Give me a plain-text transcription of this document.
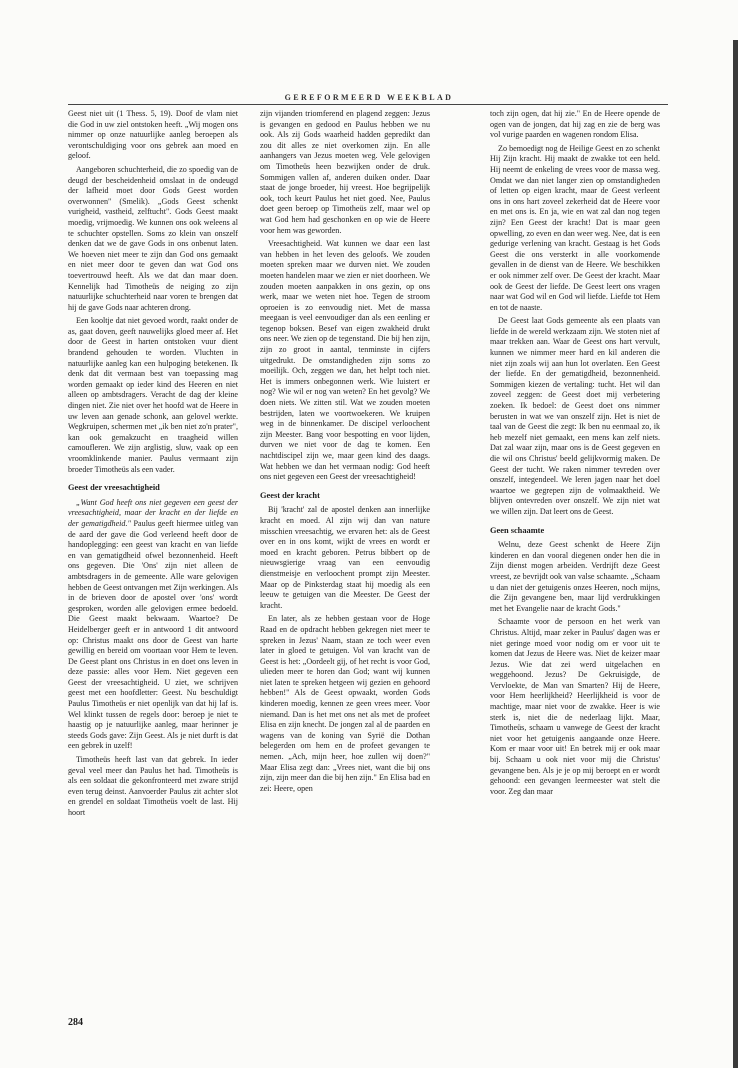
GEREFORMEERD WEEKBLAD

Geest niet uit (1 Thess. 5, 19). Doof de vlam niet die God in uw ziel ontstoken heeft. „Wij mogen ons nimmer op onze natuurlijke aanleg beroepen als verontschuldiging voor ons gebrek aan moed en geloof.

Aangeboren schuchterheid, die zo spoedig van de deugd der bescheidenheid omslaat in de ondeugd der lafheid moet door Gods Geest worden overwonnen" (Smelik). „Gods Geest schenkt vurigheid, vastheid, zelftucht". Gods Geest maakt moedig, vrijmoedig. We kunnen ons ook weleens al te schuchter opstellen. Soms zo klein van onszelf denken dat we de gave Gods in ons onbenut laten. We hoeven niet meer te zijn dan God ons gemaakt en niet meer door te geven dan wat God ons toevertrouwd heeft. Als we dat dan maar doen. Kennelijk had Timotheüs de neiging zo zijn natuurlijke schuchterheid naar voren te brengen dat hij de gave Gods naar achteren drong.

Een kooltje dat niet gevoed wordt, raakt onder de as, gaat doven, geeft nauwelijks gloed meer af. Het door de Geest in harten ontstoken vuur dient brandend gehouden te worden. Vluchten in natuurlijke aanleg kan een hulpoging betekenen. Ik denk dat dit vermaan best van toepassing mag worden gemaakt op ieder kind des Heeren en niet alleen op ambtsdragers. Veracht de dag der kleine dingen niet. Zie niet over het hoofd wat de Heere in uw leven aan genade schonk, aan gelovel werkte. Wegkruipen, schermen met „ik ben niet zo'n prater", kan ook gemakzucht en traagheid willen camoufleren. We zijn arglistig, sluw, vaak op een vroomklinkende manier. Paulus vermaant zijn broeder Timotheüs als een vader.

Geest der vreesachtigheid

„Want God heeft ons niet gegeven een geest der vreesachtigheid, maar der kracht en der liefde en der gematigdheid." Paulus geeft hiermee uitleg van de aard der gave die God verleend heeft door de handoplegging: een geest van kracht en van liefde en van gematigdheid ofwel bezonnenheid. Heeft ons gegeven. Die 'Ons' zijn niet alleen de ambtsdragers in de gemeente. Alle ware gelovigen hebben de Geest ontvangen met Zijn werkingen. Als in de brieven door de apostel over 'ons' wordt gesproken, worden alle gelovigen ermee bedoeld. Die Geest maakt bekwaam. Waartoe? De Heidelberger geeft er in antwoord 1 dit antwoord op: Christus maakt ons door de Geest van harte gewillig en bereid om voortaan voor Hem te leven. De Geest plant ons Christus in en doet ons leven in deze passie: alles voor Hem. Niet gegeven een Geest der vreesachtigheid. U ziet, we schrijven geest met een hoofdletter: Geest. Nu beschuldigt Paulus Timotheüs er niet openlijk van dat hij laf is. Wel klinkt tussen de regels door: beroep je niet te haastig op je natuurlijke aanleg, maar herinner je steeds Gods gave: Zijn Geest. Als je niet durft is dat een gebrek in uzelf!

Timotheüs heeft last van dat gebrek. In ieder geval veel meer dan Paulus het had. Timotheüs is als een soldaat die gekonfronteerd met zware strijd even terug deinst. Aanvoerder Paulus zit achter slot en grendel en soldaat Timotheüs voelt de last. Hij hoort

zijn vijanden triomferend en plagend zeggen: Jezus is gevangen en gedood en Paulus hebben we nu ook. Als zij Gods waarheid hadden gepredikt dan zou dit alles ze niet overkomen zijn. En alle aanhangers van Jezus moeten weg. Vele gelovigen om Timotheüs heen bezwijken onder de druk. Sommigen vallen af, anderen duiken onder. Daar staat de jonge broeder, hij vreest. Hoe begrijpelijk ook, toch keurt Paulus het niet goed. Nee, Paulus doet geen beroep op Timotheüs zelf, maar wel op wat God hem had geschonken en op wie de Heere voor hem was geworden.

Vreesachtigheid. Wat kunnen we daar een last van hebben in het leven des geloofs. We zouden moeten spreken maar we durven niet. We zouden moeten handelen maar we zien er niet doorheen. We zouden moeten aanpakken in ons gezin, op ons werk, maar we weten niet hoe. Tegen de stroom oproeien is zo eenvoudig niet. Met de massa meegaan is veel eenvoudiger dan als een eenling er tegenop boksen. Besef van eigen zwakheid drukt ons neer. We zien op de tegenstand. Die bij hen zijn, zijn zo groot in aantal, tenminste in cijfers uitgedrukt. De omstandigheden zijn soms zo moeilijk. Och, zeggen we dan, het helpt toch niet. Het is immers onbegonnen werk. Wie luistert er nog? Wie wil er nog van weten? En het gevolg? We doen niets. We zitten stil. Wat we zouden moeten bestrijden, laten we voortwoekeren. We kruipen weg in de binnenkamer. De discipel verloochent zijn Meester. Bang voor bespotting en voor lijden, durven we niet voor de dag te komen. Een nachtdiscipel zijn we, maar geen kind des daags. Wat hebben we dan het vermaan nodig: God heeft ons niet gegeven een Geest der vreesachtigheid!

Geest der kracht

Bij 'kracht' zal de apostel denken aan innerlijke kracht en moed. Al zijn wij dan van nature misschien vreesachtig, we ervaren het: als de Geest over en in ons komt, wijkt de vrees en wordt er moed en kracht geboren. Petrus bibbert op de nieuwsgierige vraag van een eenvoudig dienstmeisje en verloochent prompt zijn Meester. Maar op de Pinksterdag staat hij moedig als een leeuw te getuigen van die Meester. De Geest der kracht.

En later, als ze hebben gestaan voor de Hoge Raad en de opdracht hebben gekregen niet meer te spreken in Jezus' Naam, staan ze toch weer even later in gloed te getuigen. Vol van kracht van de Geest is het: „Oordeelt gij, of het recht is voor God, ulieden meer te horen dan God; want wij kunnen niet laten te spreken hetgeen wij gezien en gehoord hebben!" Als de Geest opwaakt, worden Gods kinderen moedig, kennen ze geen vrees meer. Voor niemand. Dan is het met ons net als met de profeet Elisa en zijn knecht. De jongen zal al de paarden en wagens van de koning van Syrië die Dothan belegerden om hem en de profeet gevangen te nemen. „Ach, mijn heer, hoe zullen wij doen?" Maar Elisa zegt dan: „Vrees niet, want die bij ons zijn, zijn meer dan die bij hen zijn." En Elisa bad en zei: Heere, open

toch zijn ogen, dat hij zie." En de Heere opende de ogen van de jongen, dat hij zag en zie de berg was vol vurige paarden en wagenen rondom Elisa.

Zo bemoedigt nog de Heilige Geest en zo schenkt Hij Zijn kracht. Hij maakt de zwakke tot een held. Hij neemt de enkeling de vrees voor de massa weg. Omdat we dan niet langer zien op omstandigheden of letten op eigen kracht, maar de Geest verleent ons in ons hart zoveel zekerheid dat de Heere voor en met ons is. En ja, wie en wat zal dan nog tegen zijn? Een Geest der kracht! Dat is maar geen opwelling, zo even en dan weer weg. Nee, dat is een gedurige verlening van kracht. Gestaag is het Gods Geest die ons versterkt in alle voorkomende gevallen in de dienst van de Heere. We beschikken er ook nimmer zelf over. De Geest der kracht. Maar ook de Geest der liefde. De Geest leert ons vragen naar wat God wil en God wil liefde. Liefde tot Hem en tot de naaste.

De Geest laat Gods gemeente als een plaats van liefde in de wereld werkzaam zijn. We stoten niet af maar trekken aan. Waar de Geest ons hart vervult, kunnen we nimmer meer hard en kil anderen die niet zijn zoals wij aan hun lot overlaten. Een Geest der liefde. En der gematigdheid, bezonnenheid. Sommigen kiezen de vertaling: tucht. Het wil dan zoveel zeggen: de Geest doet mij verbetering zoeken. Ik bedoel: de Geest doet ons nimmer berusten in wat we van onszelf zijn. Het is niet de taal van de Geest die zegt: Ik ben nu eenmaal zo, ik heb mezelf niet gemaakt, een mens kan zelf niets. Dat zal waar zijn, maar ons is de Geest gegeven en die wil ons Christus' beeld gelijkvormig maken. De Geest der tucht. We raken nimmer tevreden over onszelf, integendeel. We leren jagen naar het doel waartoe we gegrepen zijn de volmaaktheid. We blijven ontevreden over onszelf. We zijn niet wat we willen zijn. Dat leert ons de Geest.

Geen schaamte

Welnu, deze Geest schenkt de Heere Zijn kinderen en dan vooral diegenen onder hen die in Zijn dienst mogen arbeiden. Verdrijft deze Geest vreest, ze bevrijdt ook van valse schaamte. „Schaam u dan niet der getuigenis onzes Heeren, noch mijns, die Zijn gevangene ben, maar lijd verdrukkingen met het Evangelie naar de kracht Gods."

Schaamte voor de persoon en het werk van Christus. Altijd, maar zeker in Paulus' dagen was er niet geringe moed voor nodig om er voor uit te komen dat Jezus de Heere was. Niet de keizer maar Jezus. Wie dat zei werd uitgelachen en weggehoond. Jezus? De Gekruisigde, de Vervloekte, de Man van Smarten? Hij de Heere, voor Hem heerlijkheid? Heerlijkheid is voor de machtige, maar niet voor de zwakke. Heer is wie sterk is, niet die de nederlaag lijkt. Maar, Timotheüs, schaam u vanwege de Geest der kracht niet voor het getuigenis aangaande onze Heere. Kom er maar voor uit! En betrek mij er ook maar bij. Schaam u ook niet voor mij die Christus' gevangene ben. Als je je op mij beroept en er wordt gehoond: een gevangen leermeester wat stelt die voor. Zeg dan maar

284
